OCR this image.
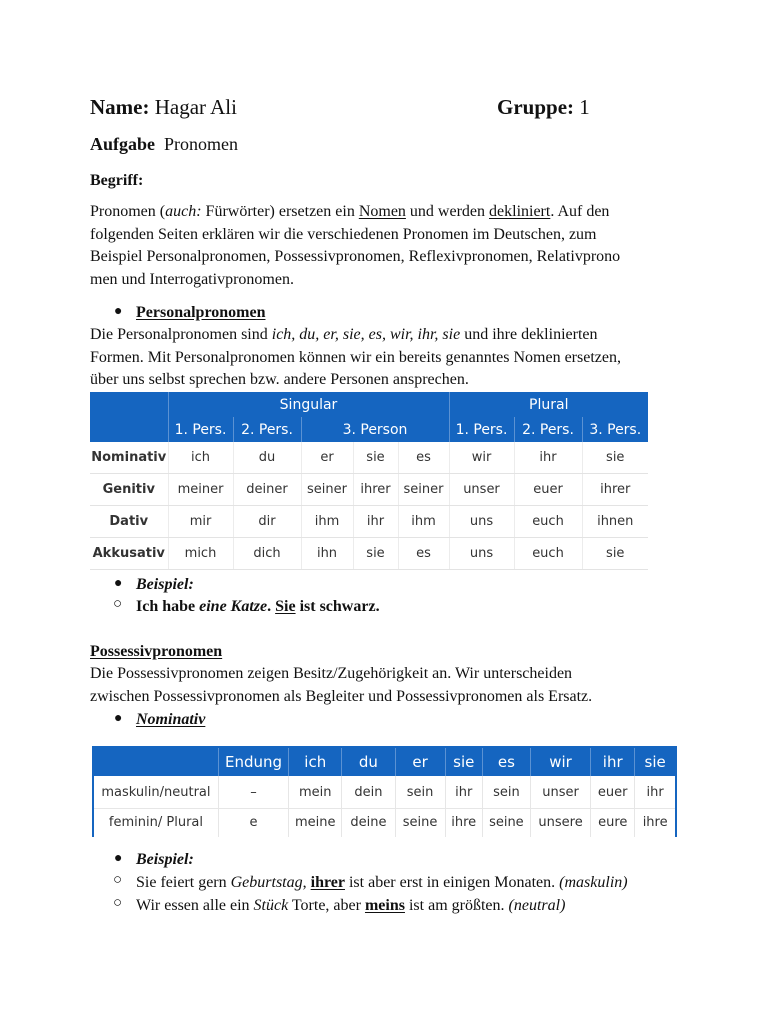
Name: Hagar Ali	Gruppe: 1
Aufgabe Pronomen
Begriff:
Pronomen (auch: Fürwörter) ersetzen ein Nomen und werden dekliniert. Auf den
folgenden Seiten erklären wir die verschiedenen Pronomen im Deutschen, zum
Beispiel Personalpronomen, Possessivpronomen, Reflexivpronomen, Relativprono
men und Interrogativpronomen.
● Personalpronomen
Die Personalpronomen sind ich, du, er, sie, es, wir, ihr, sie und ihre deklinierten
Formen. Mit Personalpronomen können wir ein bereits genanntes Nomen ersetzen,
über uns selbst sprechen bzw. andere Personen ansprechen.
	Singular					Plural		
	1. Pers.	2. Pers.	3. Person			1. Pers.	2. Pers.	3. Pers.
Nominativ	ich	du	er	sie	es	wir	ihr	sie
Genitiv	meiner	deiner	seiner	ihrer	seiner	unser	euer	ihrer
Dativ	mir	dir	ihm	ihr	ihm	uns	euch	ihnen
Akkusativ	mich	dich	ihn	sie	es	uns	euch	sie
● Beispiel:
○ Ich habe eine Katze. Sie ist schwarz.
Possessivpronomen
Die Possessivpronomen zeigen Besitz/Zugehörigkeit an. Wir unterscheiden
zwischen Possessivpronomen als Begleiter und Possessivpronomen als Ersatz.
● Nominativ
	Endung	ich	du	er	sie	es	wir	ihr	sie
maskulin/neutral	–	mein	dein	sein	ihr	sein	unser	euer	ihr
feminin/ Plural	e	meine	deine	seine	ihre	seine	unsere	eure	ihre
● Beispiel:
○ Sie feiert gern Geburtstag, ihrer ist aber erst in einigen Monaten. (maskulin)
○ Wir essen alle ein Stück Torte, aber meins ist am größten. (neutral)
